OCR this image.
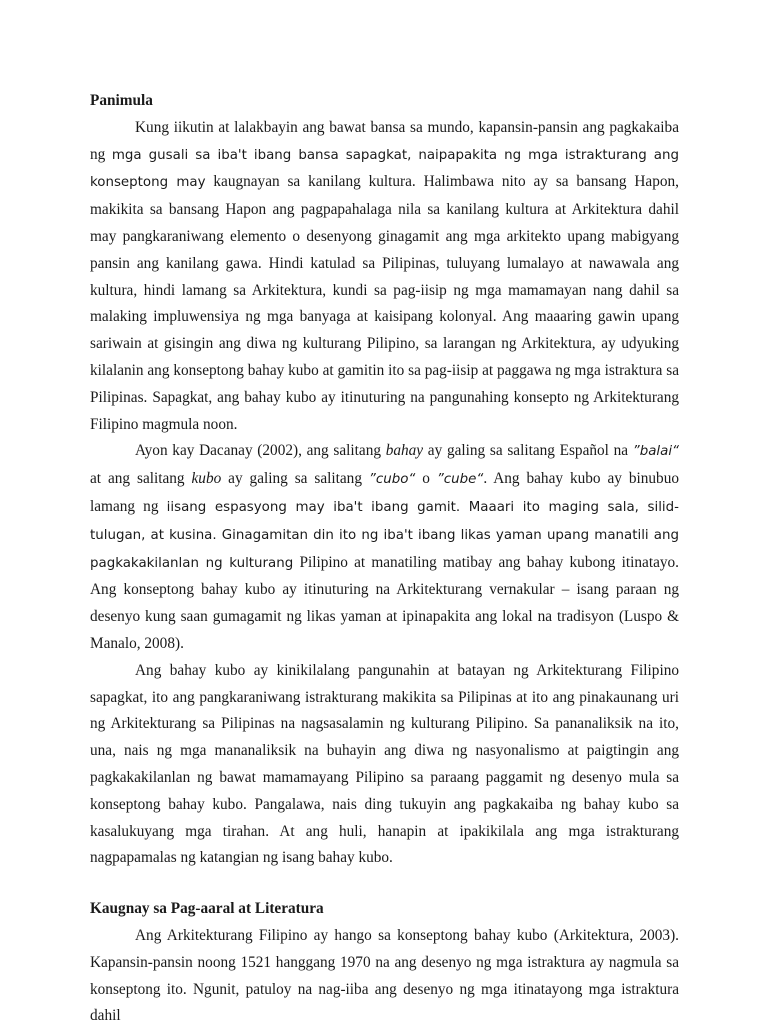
Panimula

Kung iikutin at lalakbayin ang bawat bansa sa mundo, kapansin-pansin ang pagkakaiba ng mga gusali sa iba't ibang bansa sapagkat, naipapakita ng mga istrakturang ang konseptong may kaugnayan sa kanilang kultura. Halimbawa nito ay sa bansang Hapon, makikita sa bansang Hapon ang pagpapahalaga nila sa kanilang kultura at Arkitektura dahil may pangkaraniwang elemento o desenyong ginagamit ang mga arkitekto upang mabigyang pansin ang kanilang gawa. Hindi katulad sa Pilipinas, tuluyang lumalayo at nawawala ang kultura, hindi lamang sa Arkitektura, kundi sa pag-iisip ng mga mamamayan nang dahil sa malaking impluwensiya ng mga banyaga at kaisipang kolonyal. Ang maaaring gawin upang sariwain at gisingin ang diwa ng kulturang Pilipino, sa larangan ng Arkitektura, ay udyuking kilalanin ang konseptong bahay kubo at gamitin ito sa pag-iisip at paggawa ng mga istraktura sa Pilipinas. Sapagkat, ang bahay kubo ay itinuturing na pangunahing konsepto ng Arkitekturang Filipino magmula noon.

Ayon kay Dacanay (2002), ang salitang bahay ay galing sa salitang Español na ”balai“ at ang salitang kubo ay galing sa salitang ”cubo“ o ”cube“. Ang bahay kubo ay binubuo lamang ng iisang espasyong may iba't ibang gamit. Maaari ito maging sala, silid-tulugan, at kusina. Ginagamitan din ito ng iba't ibang likas yaman upang manatili ang pagkakakilanlan ng kulturang Pilipino at manatiling matibay ang bahay kubong itinatayo. Ang konseptong bahay kubo ay itinuturing na Arkitekturang vernakular – isang paraan ng desenyo kung saan gumagamit ng likas yaman at ipinapakita ang lokal na tradisyon (Luspo & Manalo, 2008).

Ang bahay kubo ay kinikilalang pangunahin at batayan ng Arkitekturang Filipino sapagkat, ito ang pangkaraniwang istrakturang makikita sa Pilipinas at ito ang pinakaunang uri ng Arkitekturang sa Pilipinas na nagsasalamin ng kulturang Pilipino. Sa pananaliksik na ito, una, nais ng mga mananaliksik na buhayin ang diwa ng nasyonalismo at paigtingin ang pagkakakilanlan ng bawat mamamayang Pilipino sa paraang paggamit ng desenyo mula sa konseptong bahay kubo. Pangalawa, nais ding tukuyin ang pagkakaiba ng bahay kubo sa kasalukuyang mga tirahan. At ang huli, hanapin at ipakikilala ang mga istrakturang nagpapamalas ng katangian ng isang bahay kubo.

Kaugnay sa Pag-aaral at Literatura

Ang Arkitekturang Filipino ay hango sa konseptong bahay kubo (Arkitektura, 2003). Kapansin-pansin noong 1521 hanggang 1970 na ang desenyo ng mga istraktura ay nagmula sa konseptong ito. Ngunit, patuloy na nag-iiba ang desenyo ng mga itinatayong mga istraktura dahil
